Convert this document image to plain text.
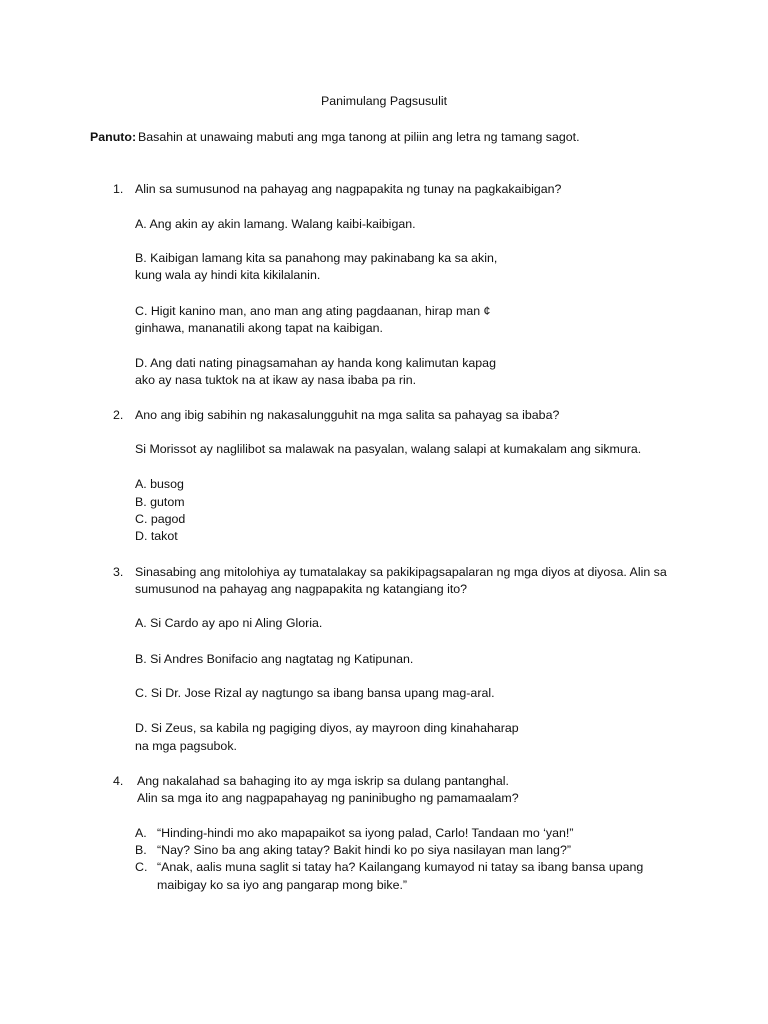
Panimulang Pagsusulit
Panuto: Basahin at unawaing mabuti ang mga tanong at piliin ang letra ng tamang sagot.
1. Alin sa sumusunod na pahayag ang nagpapakita ng tunay na pagkakaibigan?
A. Ang akin ay akin lamang. Walang kaibi-kaibigan.
B. Kaibigan lamang kita sa panahong may pakinabang ka sa akin,
kung wala ay hindi kita kikilalanin.
C. Higit kanino man, ano man ang ating pagdaanan, hirap man ¢
ginhawa, mananatili akong tapat na kaibigan.
D. Ang dati nating pinagsamahan ay handa kong kalimutan kapag
ako ay nasa tuktok na at ikaw ay nasa ibaba pa rin.
2. Ano ang ibig sabihin ng nakasalungguhit na mga salita sa pahayag sa ibaba?
Si Morissot ay naglilibot sa malawak na pasyalan, walang salapi at kumakalam ang sikmura.
A. busog
B. gutom
C. pagod
D. takot
3. Sinasabing ang mitolohiya ay tumatalakay sa pakikipagsapalaran ng mga diyos at diyosa. Alin sa
sumusunod na pahayag ang nagpapakita ng katangiang ito?
A. Si Cardo ay apo ni Aling Gloria.
B. Si Andres Bonifacio ang nagtatag ng Katipunan.
C. Si Dr. Jose Rizal ay nagtungo sa ibang bansa upang mag-aral.
D. Si Zeus, sa kabila ng pagiging diyos, ay mayroon ding kinahaharap
na mga pagsubok.
4. Ang nakalahad sa bahaging ito ay mga iskrip sa dulang pantanghal.
Alin sa mga ito ang nagpapahayag ng paninibugho ng pamamaalam?
A. “Hinding-hindi mo ako mapapaikot sa iyong palad, Carlo! Tandaan mo ‘yan!”
B. “Nay? Sino ba ang aking tatay? Bakit hindi ko po siya nasilayan man lang?”
C. “Anak, aalis muna saglit si tatay ha? Kailangang kumayod ni tatay sa ibang bansa upang
maibigay ko sa iyo ang pangarap mong bike.”
